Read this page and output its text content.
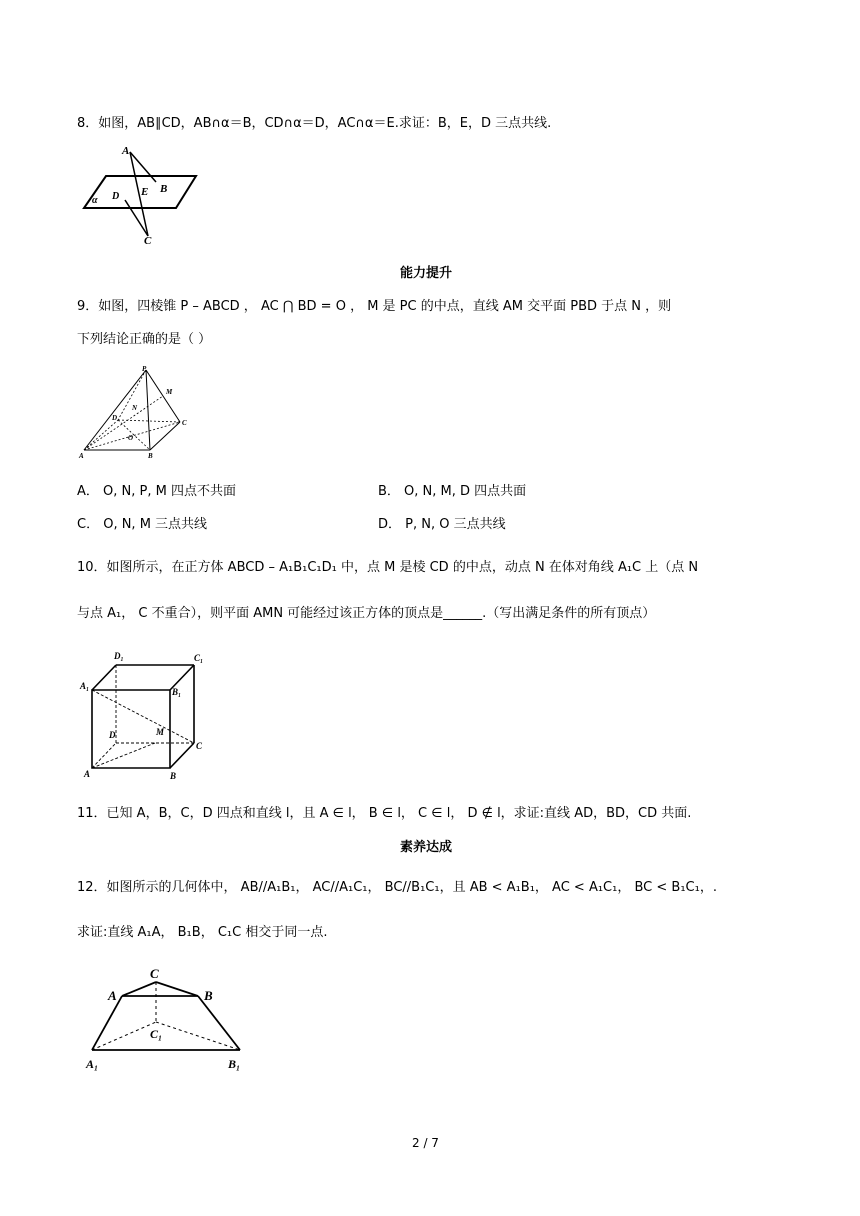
8．如图，AB∥CD，AB∩α＝B，CD∩α＝D，AC∩α＝E.求证：B，E，D 三点共线.
A
B
C
D E
α
能力提升
9．如图，四棱锥 P – ABCD ， AC ⋂ BD = O ， M 是 PC 的中点，直线 AM 交平面 PBD 于点 N ，则
下列结论正确的是（ ）
P
M
N
D
C
O
A	B
A． O, N, P, M 四点不共面	B． O, N, M, D 四点共面
C． O, N, M 三点共线	D． P, N, O 三点共线
10．如图所示，在正方体 ABCD – A₁B₁C₁D₁ 中，点 M 是棱 CD 的中点，动点 N 在体对角线 A₁C 上（点 N
与点 A₁， C 不重合），则平面 AMN 可能经过该正方体的顶点是______.（写出满足条件的所有顶点）
D₁	C₁
A₁
B₁
D	M
C
A	B
11．已知 A，B，C，D 四点和直线 l，且 A ∈ l， B ∈ l， C ∈ l， D ∉ l，求证:直线 AD，BD，CD 共面.
素养达成
12．如图所示的几何体中， AB//A₁B₁， AC//A₁C₁， BC//B₁C₁，且 AB < A₁B₁， AC < A₁C₁， BC < B₁C₁，.
求证:直线 A₁A， B₁B， C₁C 相交于同一点.
C
A	B
C₁
A₁	B₁
2 / 7
